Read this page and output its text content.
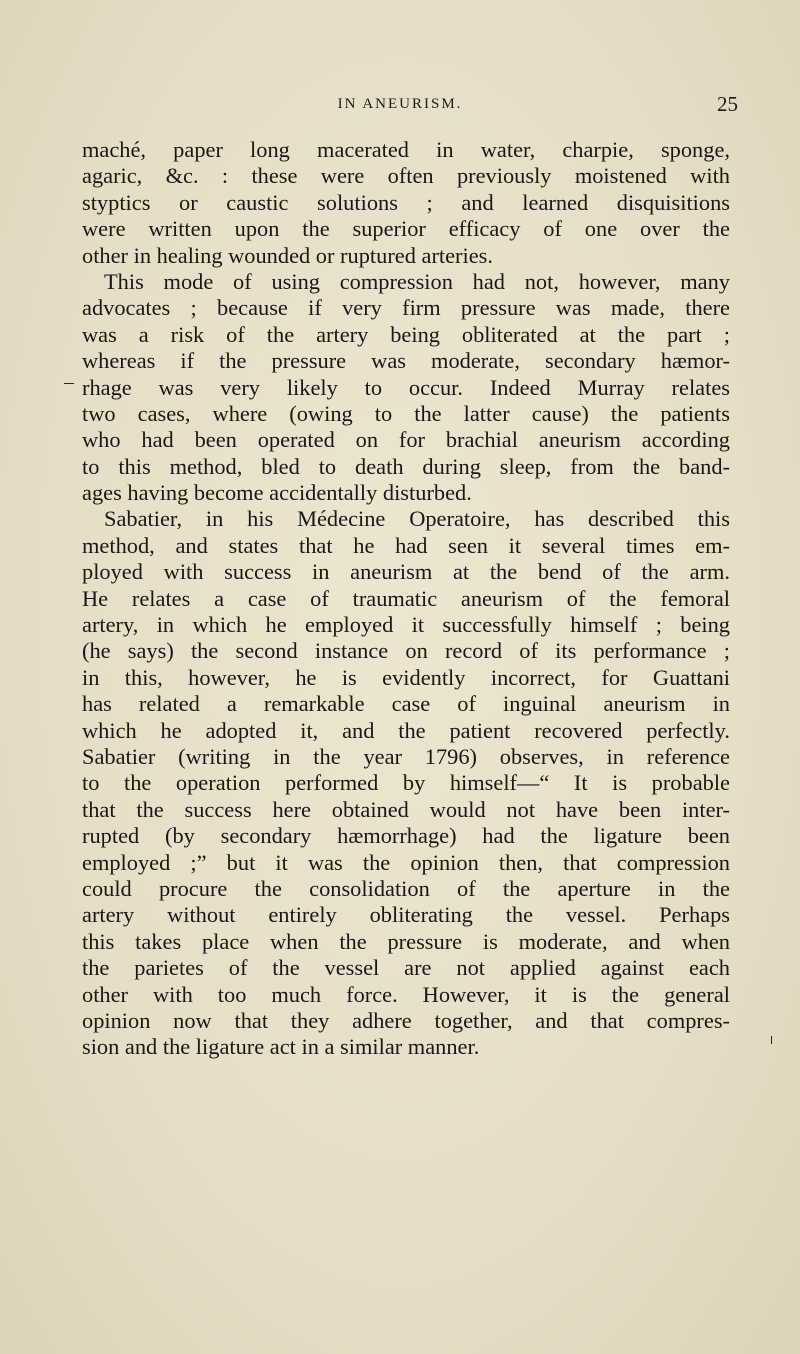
IN ANEURISM.	25
maché, paper long macerated in water, charpie, sponge,
agaric, &c. : these were often previously moistened with
styptics or caustic solutions ; and learned disquisitions
were written upon the superior efficacy of one over the
other in healing wounded or ruptured arteries.
This mode of using compression had not, however, many
advocates ; because if very firm pressure was made, there
was a risk of the artery being obliterated at the part ;
whereas if the pressure was moderate, secondary hæmor-
rhage was very likely to occur. Indeed Murray relates
two cases, where (owing to the latter cause) the patients
who had been operated on for brachial aneurism according
to this method, bled to death during sleep, from the band-
ages having become accidentally disturbed.
Sabatier, in his Médecine Operatoire, has described this
method, and states that he had seen it several times em-
ployed with success in aneurism at the bend of the arm.
He relates a case of traumatic aneurism of the femoral
artery, in which he employed it successfully himself ; being
(he says) the second instance on record of its performance ;
in this, however, he is evidently incorrect, for Guattani
has related a remarkable case of inguinal aneurism in
which he adopted it, and the patient recovered perfectly.
Sabatier (writing in the year 1796) observes, in reference
to the operation performed by himself—“ It is probable
that the success here obtained would not have been inter-
rupted (by secondary hæmorrhage) had the ligature been
employed ;” but it was the opinion then, that compression
could procure the consolidation of the aperture in the
artery without entirely obliterating the vessel. Perhaps
this takes place when the pressure is moderate, and when
the parietes of the vessel are not applied against each
other with too much force. However, it is the general
opinion now that they adhere together, and that compres-
sion and the ligature act in a similar manner.
